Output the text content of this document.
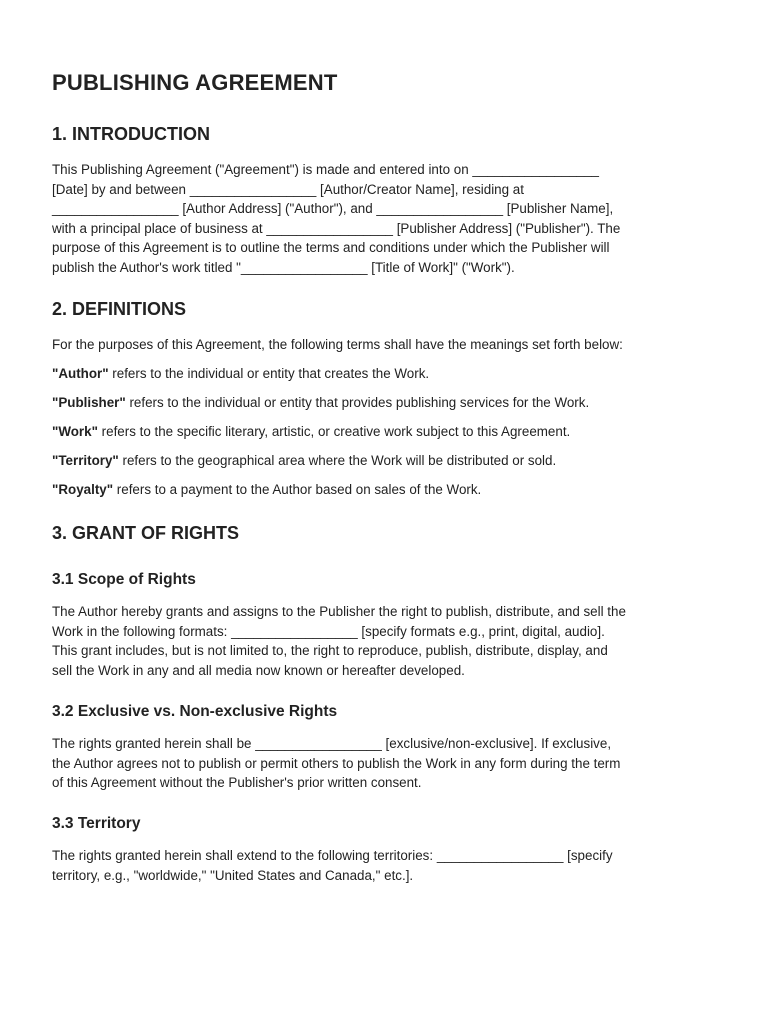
PUBLISHING AGREEMENT
1. INTRODUCTION
This Publishing Agreement ("Agreement") is made and entered into on _________________
[Date] by and between _________________ [Author/Creator Name], residing at
_________________ [Author Address] ("Author"), and _________________ [Publisher Name],
with a principal place of business at _________________ [Publisher Address] ("Publisher"). The
purpose of this Agreement is to outline the terms and conditions under which the Publisher will
publish the Author's work titled "_________________ [Title of Work]" ("Work").
2. DEFINITIONS

For the purposes of this Agreement, the following terms shall have the meanings set forth below:

"Author" refers to the individual or entity that creates the Work.

"Publisher" refers to the individual or entity that provides publishing services for the Work.

"Work" refers to the specific literary, artistic, or creative work subject to this Agreement.

"Territory" refers to the geographical area where the Work will be distributed or sold.

"Royalty" refers to a payment to the Author based on sales of the Work.

3. GRANT OF RIGHTS
3.1 Scope of Rights
The Author hereby grants and assigns to the Publisher the right to publish, distribute, and sell the
Work in the following formats: _________________ [specify formats e.g., print, digital, audio].
This grant includes, but is not limited to, the right to reproduce, publish, distribute, display, and
sell the Work in any and all media now known or hereafter developed.
3.2 Exclusive vs. Non-exclusive Rights
The rights granted herein shall be _________________ [exclusive/non-exclusive]. If exclusive,
the Author agrees not to publish or permit others to publish the Work in any form during the term
of this Agreement without the Publisher's prior written consent.
3.3 Territory
The rights granted herein shall extend to the following territories: _________________ [specify
territory, e.g., "worldwide," "United States and Canada," etc.].
